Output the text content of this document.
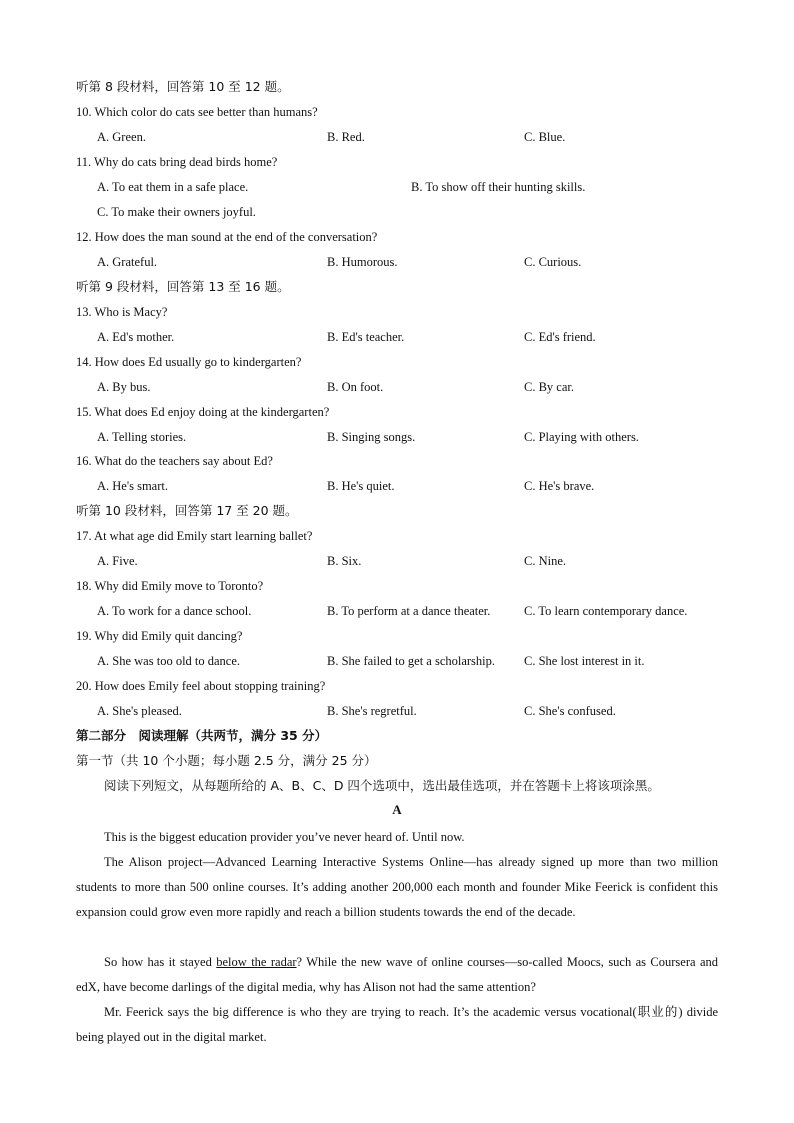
听第 8 段材料，回答第 10 至 12 题。
10. Which color do cats see better than humans?
A. Green.	B. Red.	C. Blue.
11. Why do cats bring dead birds home?
A. To eat them in a safe place.	B. To show off their hunting skills.
C. To make their owners joyful.
12. How does the man sound at the end of the conversation?
A. Grateful.	B. Humorous.	C. Curious.
听第 9 段材料，回答第 13 至 16 题。
13. Who is Macy?
A. Ed's mother.	B. Ed's teacher.	C. Ed's friend.
14. How does Ed usually go to kindergarten?
A. By bus.	B. On foot.	C. By car.
15. What does Ed enjoy doing at the kindergarten?
A. Telling stories.	B. Singing songs.	C. Playing with others.
16. What do the teachers say about Ed?
A. He's smart.	B. He's quiet.	C. He's brave.
听第 10 段材料，回答第 17 至 20 题。
17. At what age did Emily start learning ballet?
A. Five.	B. Six.	C. Nine.
18. Why did Emily move to Toronto?
A. To work for a dance school.	B. To perform at a dance theater.	C. To learn contemporary dance.
19. Why did Emily quit dancing?
A. She was too old to dance.	B. She failed to get a scholarship. C. She lost interest in it.
20. How does Emily feel about stopping training?
A. She's pleased.	B. She's regretful.	C. She's confused.
第二部分　阅读理解（共两节，满分 35 分）
第一节（共 10 个小题；每小题 2.5 分，满分 25 分）
阅读下列短文，从每题所给的 A、B、C、D 四个选项中，选出最佳选项，并在答题卡上将该项涂黑。
A
This is the biggest education provider you’ve never heard of. Until now.
The Alison project—Advanced Learning Interactive Systems Online—has already signed up more than two million students to more than 500 online courses. It’s adding another 200,000 each month and founder Mike Feerick is confident this expansion could grow even more rapidly and reach a billion students towards the end of the decade.
So how has it stayed below the radar? While the new wave of online courses—so-called Moocs, such as Coursera and edX, have become darlings of the digital media, why has Alison not had the same attention?
Mr. Feerick says the big difference is who they are trying to reach. It’s the academic versus vocational(职业的) divide being played out in the digital market.
